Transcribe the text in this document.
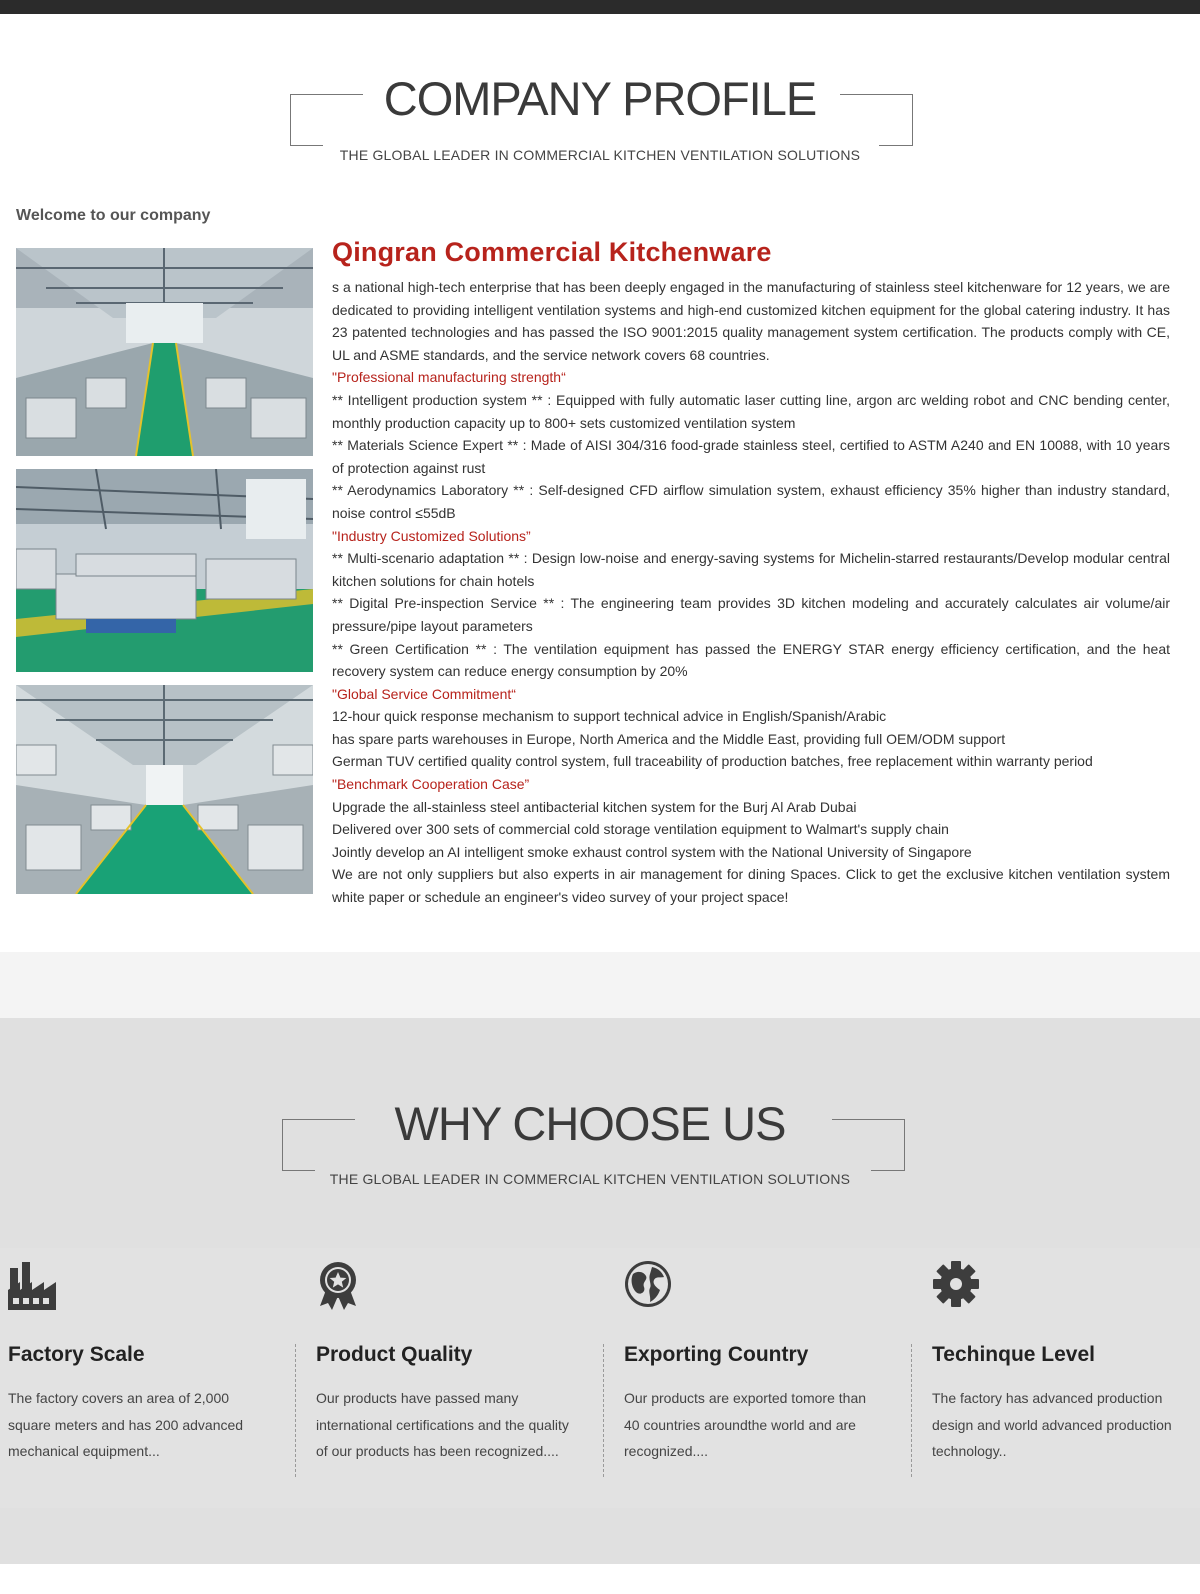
COMPANY PROFILE
THE GLOBAL LEADER IN COMMERCIAL KITCHEN VENTILATION SOLUTIONS
Welcome to our company
Qingran Commercial Kitchenware

s a national high-tech enterprise that has been deeply engaged in the manufacturing of stainless steel kitchenware for 12 years, we are dedicated to providing intelligent ventilation systems and high-end customized kitchen equipment for the global catering industry. It has 23 patented technologies and has passed the ISO 9001:2015 quality management system certification. The products comply with CE, UL and ASME standards, and the service network covers 68 countries.

"Professional manufacturing strength“

** Intelligent production system ** : Equipped with fully automatic laser cutting line, argon arc welding robot and CNC bending center, monthly production capacity up to 800+ sets customized ventilation system

** Materials Science Expert ** : Made of AISI 304/316 food-grade stainless steel, certified to ASTM A240 and EN 10088, with 10 years of protection against rust

** Aerodynamics Laboratory ** : Self-designed CFD airflow simulation system, exhaust efficiency 35% higher than industry standard, noise control ≤55dB

"Industry Customized Solutions”

** Multi-scenario adaptation ** : Design low-noise and energy-saving systems for Michelin-starred restaurants/Develop modular central kitchen solutions for chain hotels

** Digital Pre-inspection Service ** : The engineering team provides 3D kitchen modeling and accurately calculates air volume/air pressure/pipe layout parameters

** Green Certification ** : The ventilation equipment has passed the ENERGY STAR energy efficiency certification, and the heat recovery system can reduce energy consumption by 20%

"Global Service Commitment“

12-hour quick response mechanism to support technical advice in English/Spanish/Arabic

has spare parts warehouses in Europe, North America and the Middle East, providing full OEM/ODM support

German TUV certified quality control system, full traceability of production batches, free replacement within warranty period

"Benchmark Cooperation Case”

Upgrade the all-stainless steel antibacterial kitchen system for the Burj Al Arab Dubai

Delivered over 300 sets of commercial cold storage ventilation equipment to Walmart's supply chain

Jointly develop an AI intelligent smoke exhaust control system with the National University of Singapore

We are not only suppliers but also experts in air management for dining Spaces. Click to get the exclusive kitchen ventilation system white paper or schedule an engineer's video survey of your project space!

WHY CHOOSE US
THE GLOBAL LEADER IN COMMERCIAL KITCHEN VENTILATION SOLUTIONS
Factory Scale
The factory covers an area of 2,000 square meters and has 200 advanced mechanical equipment...
Product Quality
Our products have passed many international certifications and the quality of our products has been recognized....
Exporting Country
Our products are exported tomore than 40 countries aroundthe world and are recognized....
Techinque Level
The factory has advanced production design and world advanced production technology..
